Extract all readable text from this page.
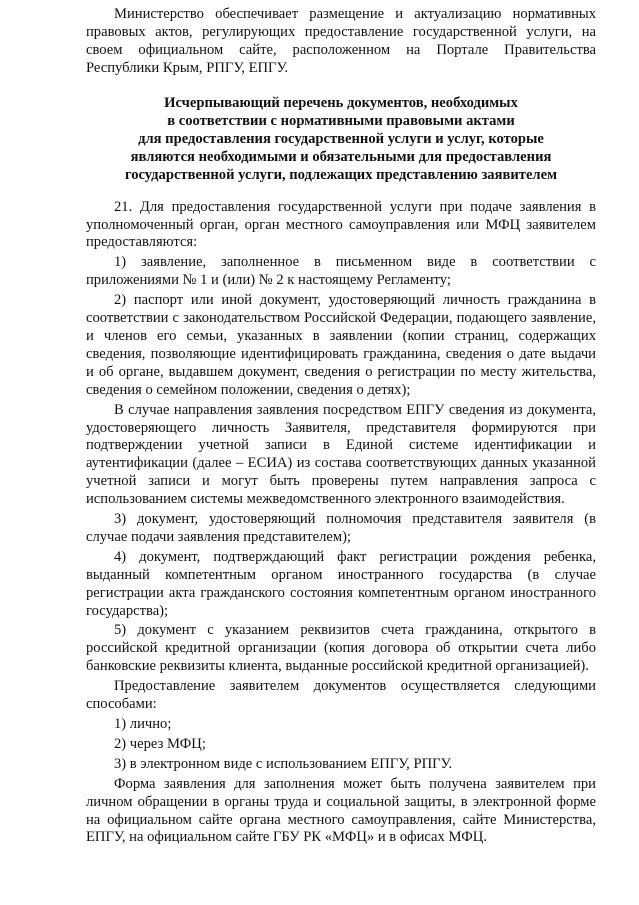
Министерство обеспечивает размещение и актуализацию нормативных правовых актов, регулирующих предоставление государственной услуги, на своем официальном сайте, расположенном на Портале Правительства Республики Крым, РПГУ, ЕПГУ.

Исчерпывающий перечень документов, необходимых
в соответствии с нормативными правовыми актами
для предоставления государственной услуги и услуг, которые
являются необходимыми и обязательными для предоставления
государственной услуги, подлежащих представлению заявителем

21. Для предоставления государственной услуги при подаче заявления в уполномоченный орган, орган местного самоуправления или МФЦ заявителем предоставляются:

1) заявление, заполненное в письменном виде в соответствии с приложениями № 1 и (или) № 2 к настоящему Регламенту;

2) паспорт или иной документ, удостоверяющий личность гражданина в соответствии с законодательством Российской Федерации, подающего заявление, и членов его семьи, указанных в заявлении (копии страниц, содержащих сведения, позволяющие идентифицировать гражданина, сведения о дате выдачи и об органе, выдавшем документ, сведения о регистрации по месту жительства, сведения о семейном положении, сведения о детях);

В случае направления заявления посредством ЕПГУ сведения из документа, удостоверяющего личность Заявителя, представителя формируются при подтверждении учетной записи в Единой системе идентификации и аутентификации (далее – ЕСИА) из состава соответствующих данных указанной учетной записи и могут быть проверены путем направления запроса с использованием системы межведомственного электронного взаимодействия.

3) документ, удостоверяющий полномочия представителя заявителя (в случае подачи заявления представителем);

4) документ, подтверждающий факт регистрации рождения ребенка, выданный компетентным органом иностранного государства (в случае регистрации акта гражданского состояния компетентным органом иностранного государства);

5) документ с указанием реквизитов счета гражданина, открытого в российской кредитной организации (копия договора об открытии счета либо банковские реквизиты клиента, выданные российской кредитной организацией).

Предоставление заявителем документов осуществляется следующими способами:

1) лично;

2) через МФЦ;

3) в электронном виде с использованием ЕПГУ, РПГУ.

Форма заявления для заполнения может быть получена заявителем при личном обращении в органы труда и социальной защиты, в электронной форме на официальном сайте органа местного самоуправления, сайте Министерства, ЕПГУ, на официальном сайте ГБУ РК «МФЦ» и в офисах МФЦ.
